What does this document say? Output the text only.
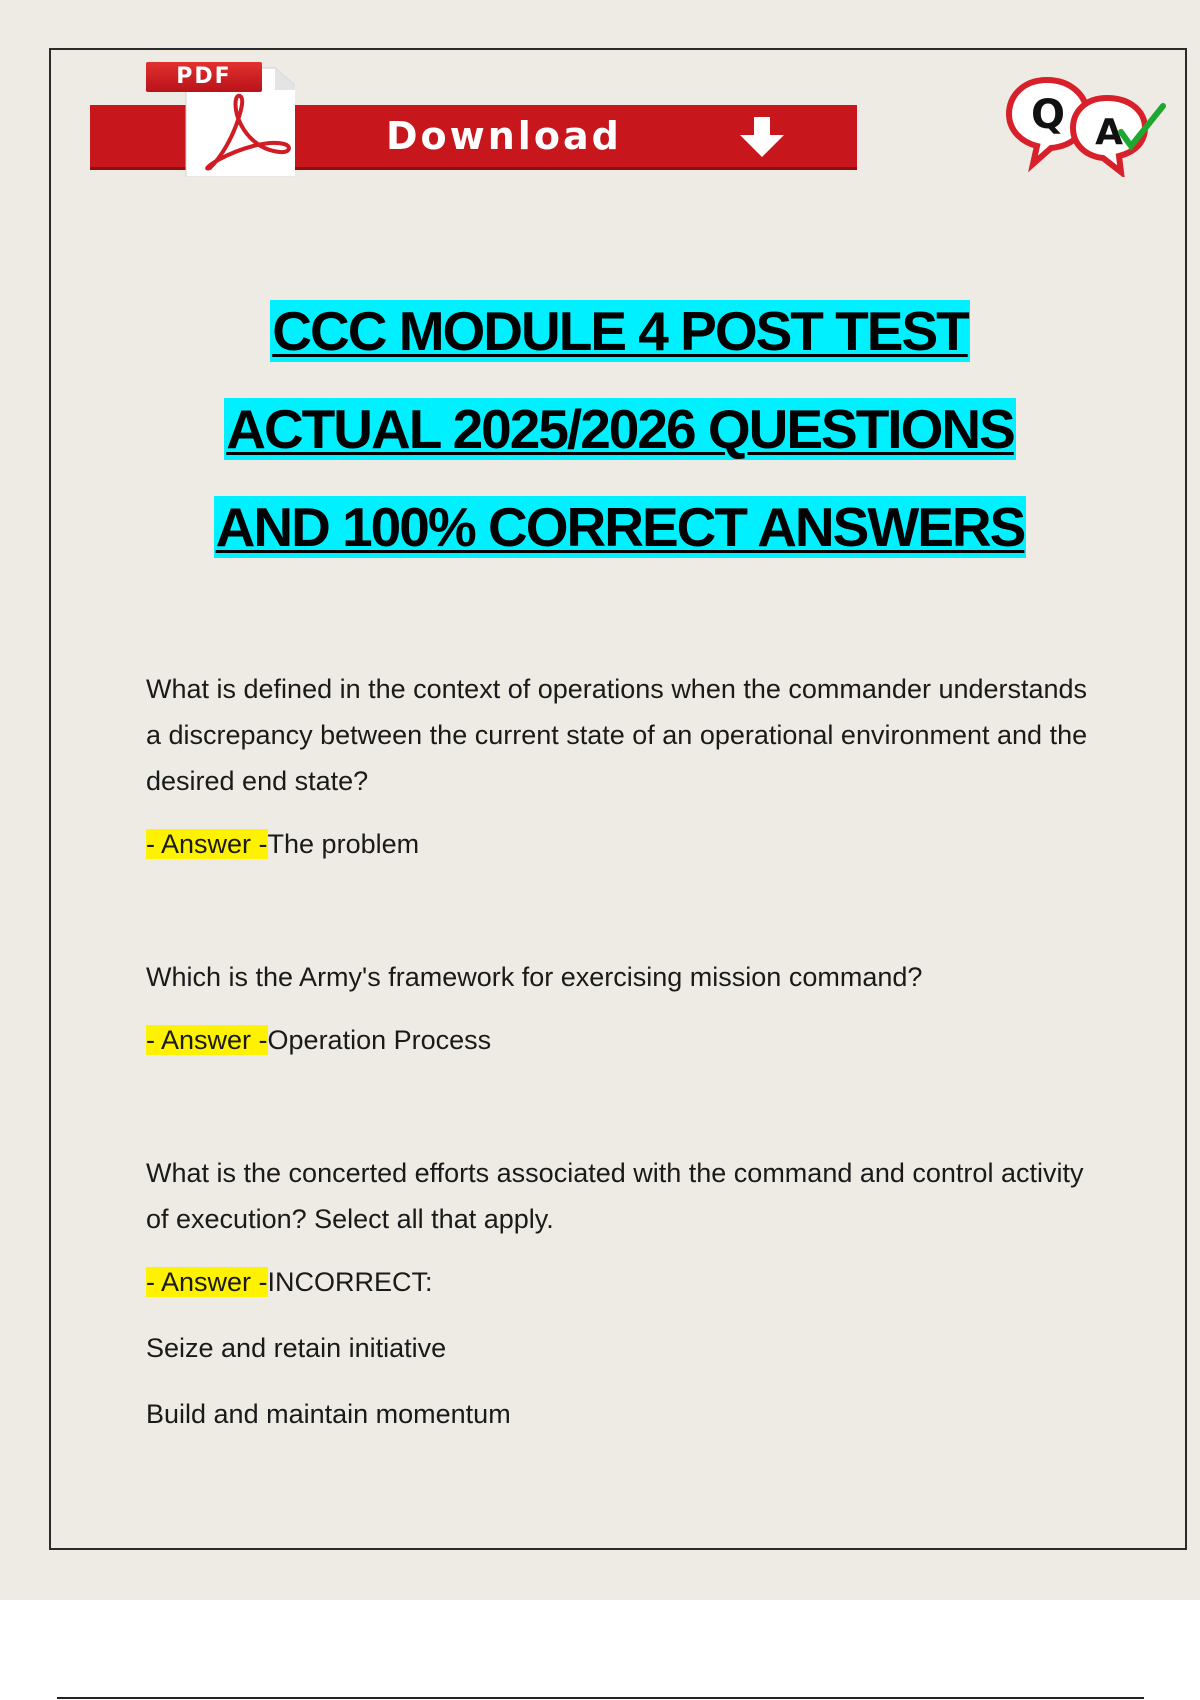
PDF
Download	Q A
CCC MODULE 4 POST TEST
ACTUAL 2025/2026 QUESTIONS
AND 100% CORRECT ANSWERS

What is defined in the context of operations when the commander understands a discrepancy between the current state of an operational environment and the desired end state?

- Answer -The problem

Which is the Army's framework for exercising mission command?

- Answer -Operation Process

What is the concerted efforts associated with the command and control activity of execution? Select all that apply.

- Answer -INCORRECT:

Seize and retain initiative

Build and maintain momentum
